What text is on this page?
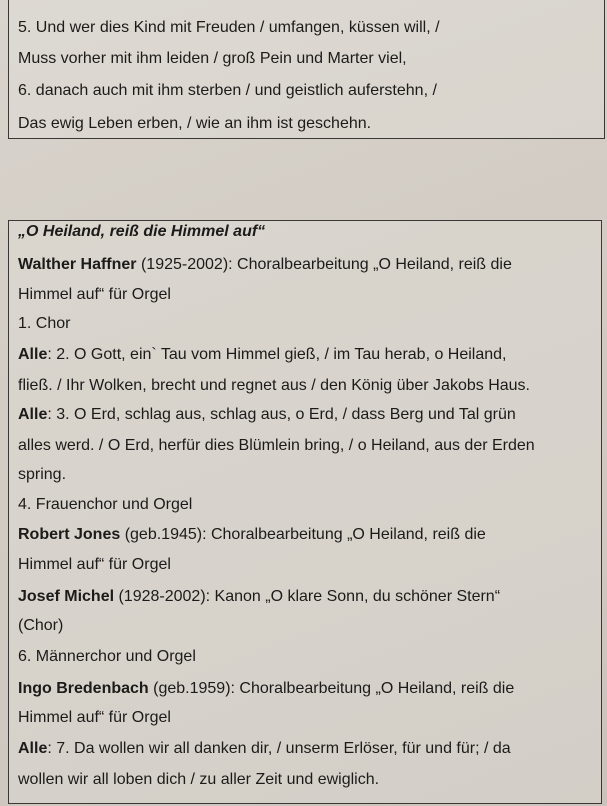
5. Und wer dies Kind mit Freuden / umfangen, küssen will, /
Muss vorher mit ihm leiden / groß Pein und Marter viel,
6. danach auch mit ihm sterben / und geistlich auferstehn, /
Das ewig Leben erben, / wie an ihm ist geschehn.
„O Heiland, reiß die Himmel auf“
Walther Haffner (1925-2002): Choralbearbeitung „O Heiland, reiß die
Himmel auf“ für Orgel
1. Chor
Alle: 2. O Gott, ein` Tau vom Himmel gieß, / im Tau herab, o Heiland,
fließ. / Ihr Wolken, brecht und regnet aus / den König über Jakobs Haus.
Alle: 3. O Erd, schlag aus, schlag aus, o Erd, / dass Berg und Tal grün
alles werd. / O Erd, herfür dies Blümlein bring, / o Heiland, aus der Erden
spring.
4. Frauenchor und Orgel
Robert Jones (geb.1945): Choralbearbeitung „O Heiland, reiß die
Himmel auf“ für Orgel
Josef Michel (1928-2002): Kanon „O klare Sonn, du schöner Stern“
(Chor)
6. Männerchor und Orgel
Ingo Bredenbach (geb.1959): Choralbearbeitung „O Heiland, reiß die
Himmel auf“ für Orgel
Alle: 7. Da wollen wir all danken dir, / unserm Erlöser, für und für; / da
wollen wir all loben dich / zu aller Zeit und ewiglich.
